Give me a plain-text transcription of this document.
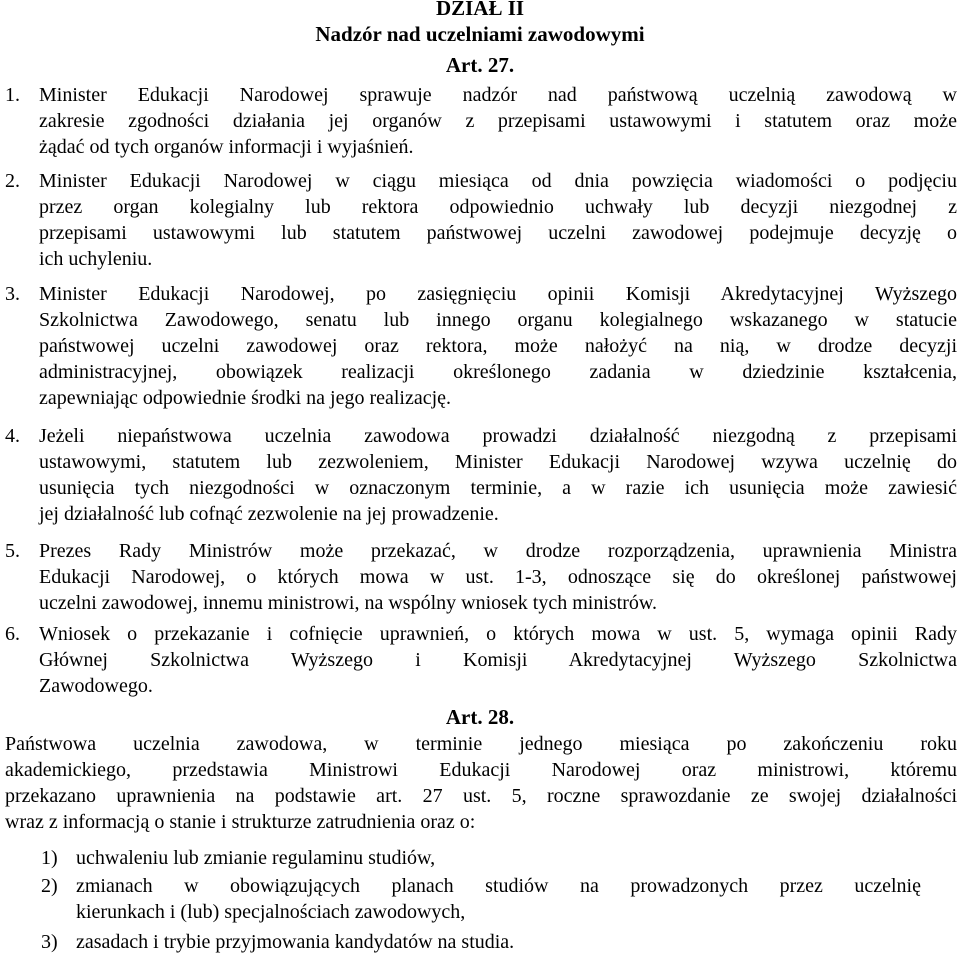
DZIAŁ II
Nadzór nad uczelniami zawodowymi
Art. 27.
1. Minister Edukacji Narodowej sprawuje nadzór nad państwową uczelnią zawodową w
zakresie zgodności działania jej organów z przepisami ustawowymi i statutem oraz może
żądać od tych organów informacji i wyjaśnień.
2. Minister Edukacji Narodowej w ciągu miesiąca od dnia powzięcia wiadomości o podjęciu
przez organ kolegialny lub rektora odpowiednio uchwały lub decyzji niezgodnej z
przepisami ustawowymi lub statutem państwowej uczelni zawodowej podejmuje decyzję o
ich uchyleniu.
3. Minister Edukacji Narodowej, po zasięgnięciu opinii Komisji Akredytacyjnej Wyższego
Szkolnictwa Zawodowego, senatu lub innego organu kolegialnego wskazanego w statucie
państwowej uczelni zawodowej oraz rektora, może nałożyć na nią, w drodze decyzji
administracyjnej, obowiązek realizacji określonego zadania w dziedzinie kształcenia,
zapewniając odpowiednie środki na jego realizację.
4. Jeżeli niepaństwowa uczelnia zawodowa prowadzi działalność niezgodną z przepisami
ustawowymi, statutem lub zezwoleniem, Minister Edukacji Narodowej wzywa uczelnię do
usunięcia tych niezgodności w oznaczonym terminie, a w razie ich usunięcia może zawiesić
jej działalność lub cofnąć zezwolenie na jej prowadzenie.
5. Prezes Rady Ministrów może przekazać, w drodze rozporządzenia, uprawnienia Ministra
Edukacji Narodowej, o których mowa w ust. 1-3, odnoszące się do określonej państwowej
uczelni zawodowej, innemu ministrowi, na wspólny wniosek tych ministrów.
6. Wniosek o przekazanie i cofnięcie uprawnień, o których mowa w ust. 5, wymaga opinii Rady
Głównej Szkolnictwa Wyższego i Komisji Akredytacyjnej Wyższego Szkolnictwa
Zawodowego.
Art. 28.
Państwowa uczelnia zawodowa, w terminie jednego miesiąca po zakończeniu roku
akademickiego, przedstawia Ministrowi Edukacji Narodowej oraz ministrowi, któremu
przekazano uprawnienia na podstawie art. 27 ust. 5, roczne sprawozdanie ze swojej działalności
wraz z informacją o stanie i strukturze zatrudnienia oraz o:
1) uchwaleniu lub zmianie regulaminu studiów,
2) zmianach w obowiązujących planach studiów na prowadzonych przez uczelnię
kierunkach i (lub) specjalnościach zawodowych,
3) zasadach i trybie przyjmowania kandydatów na studia.
